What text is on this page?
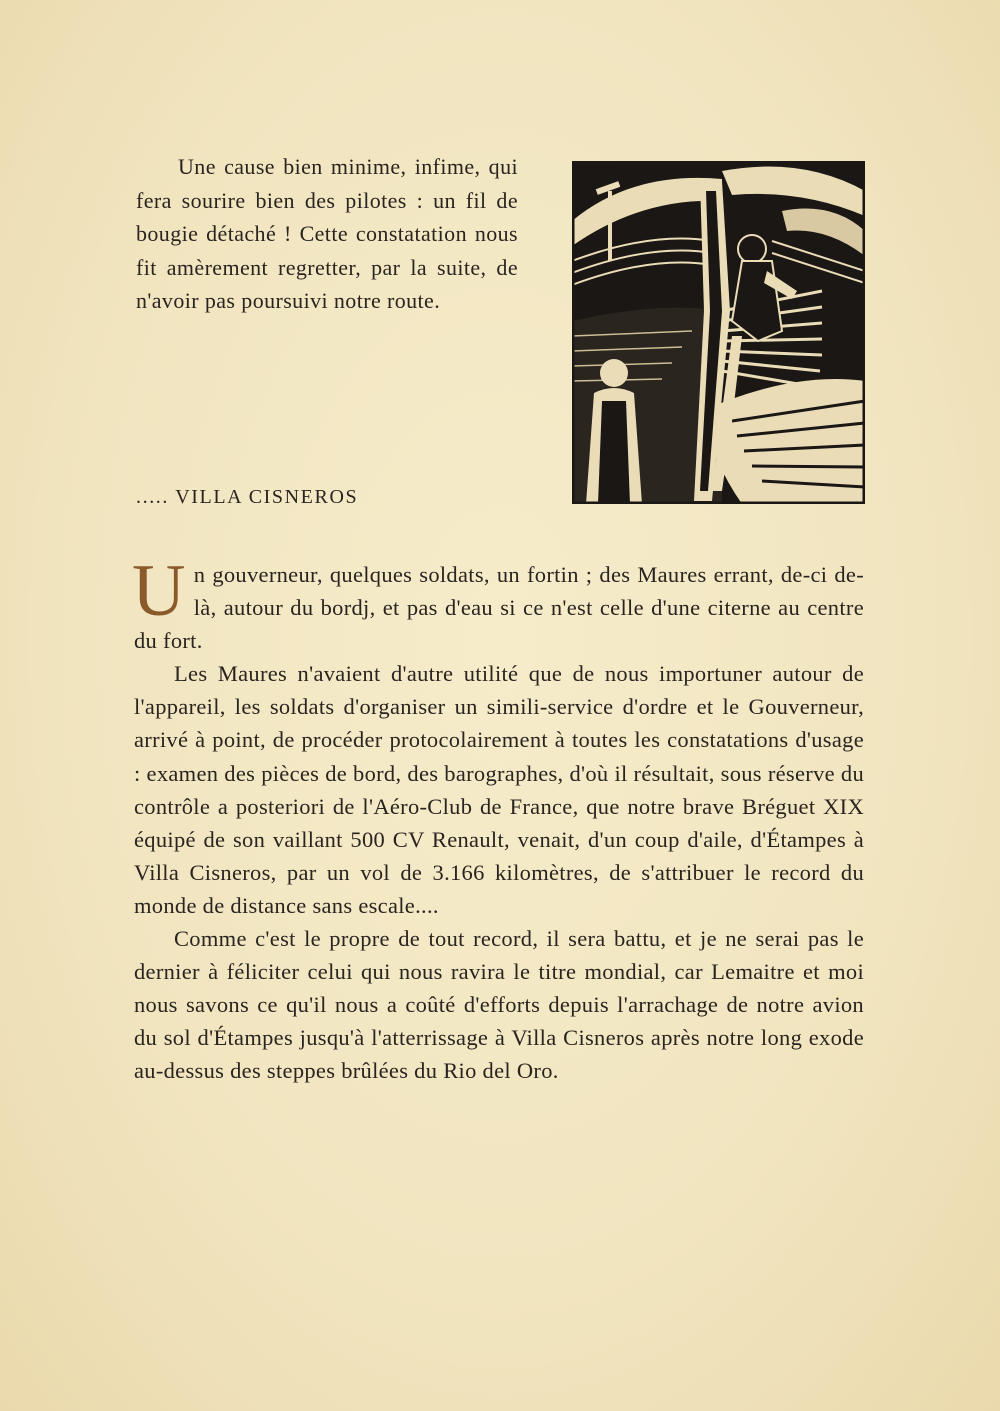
Une cause bien minime, infime, qui fera sourire bien des pilotes : un fil de bougie détaché ! Cette constatation nous fit amèrement regretter, par la suite, de n'avoir pas poursuivi notre route.
..... VILLA CISNEROS

Un gouverneur, quelques soldats, un fortin ; des Maures errant, de-ci de-là, autour du bordj, et pas d'eau si ce n'est celle d'une citerne au centre du fort.

Les Maures n'avaient d'autre utilité que de nous importuner autour de l'appareil, les soldats d'organiser un simili-service d'ordre et le Gouverneur, arrivé à point, de procéder protocolairement à toutes les constatations d'usage : examen des pièces de bord, des barographes, d'où il résultait, sous réserve du contrôle a posteriori de l'Aéro-Club de France, que notre brave Bréguet XIX équipé de son vaillant 500 CV Renault, venait, d'un coup d'aile, d'Étampes à Villa Cisneros, par un vol de 3.166 kilomètres, de s'attribuer le record du monde de distance sans escale....

Comme c'est le propre de tout record, il sera battu, et je ne serai pas le dernier à féliciter celui qui nous ravira le titre mondial, car Lemaitre et moi nous savons ce qu'il nous a coûté d'efforts depuis l'arrachage de notre avion du sol d'Étampes jusqu'à l'atterrissage à Villa Cisneros après notre long exode au-dessus des steppes brûlées du Rio del Oro.
